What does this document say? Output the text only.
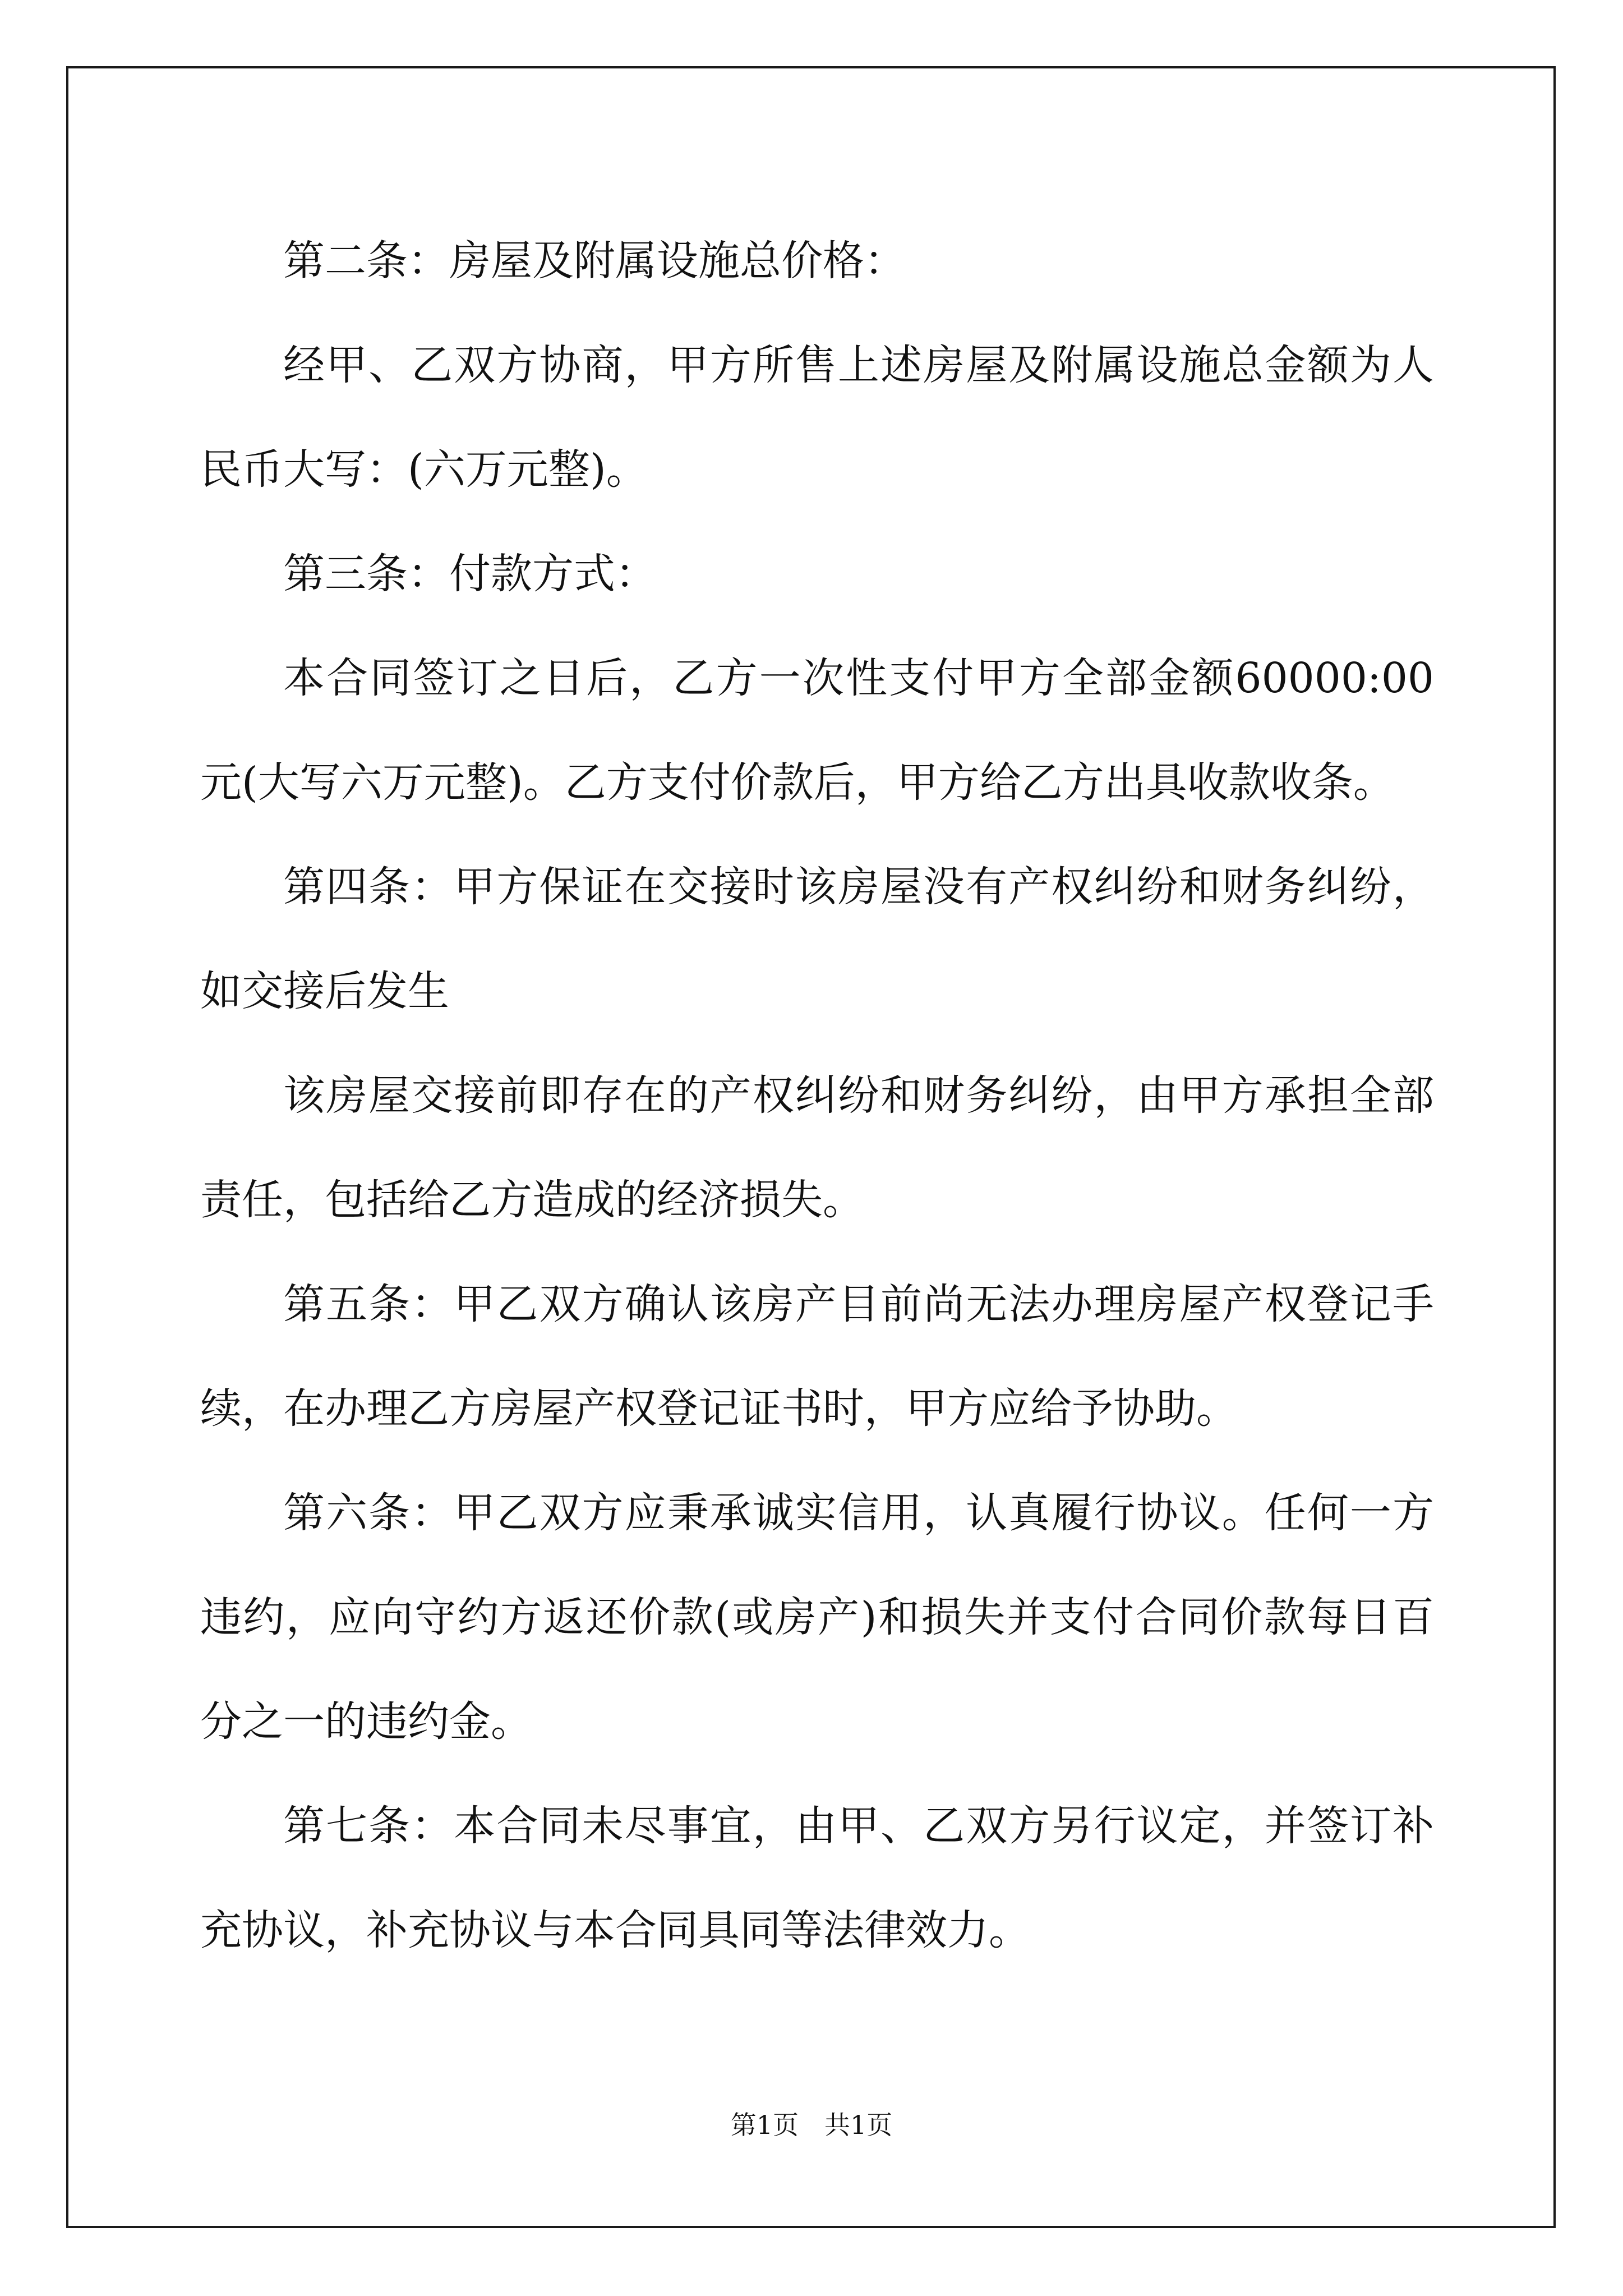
第二条：房屋及附属设施总价格：

经甲、乙双方协商，甲方所售上述房屋及附属设施总金额为人民币大写：(六万元整)。

第三条：付款方式：

本合同签订之日后，乙方一次性支付甲方全部金额60000:00元(大写六万元整)。乙方支付价款后，甲方给乙方出具收款收条。

第四条：甲方保证在交接时该房屋没有产权纠纷和财务纠纷，如交接后发生

该房屋交接前即存在的产权纠纷和财务纠纷，由甲方承担全部责任，包括给乙方造成的经济损失。

第五条：甲乙双方确认该房产目前尚无法办理房屋产权登记手续，在办理乙方房屋产权登记证书时，甲方应给予协助。

第六条：甲乙双方应秉承诚实信用，认真履行协议。任何一方违约，应向守约方返还价款(或房产)和损失并支付合同价款每日百分之一的违约金。

第七条：本合同未尽事宜，由甲、乙双方另行议定，并签订补充协议，补充协议与本合同具同等法律效力。

第1页　共1页
